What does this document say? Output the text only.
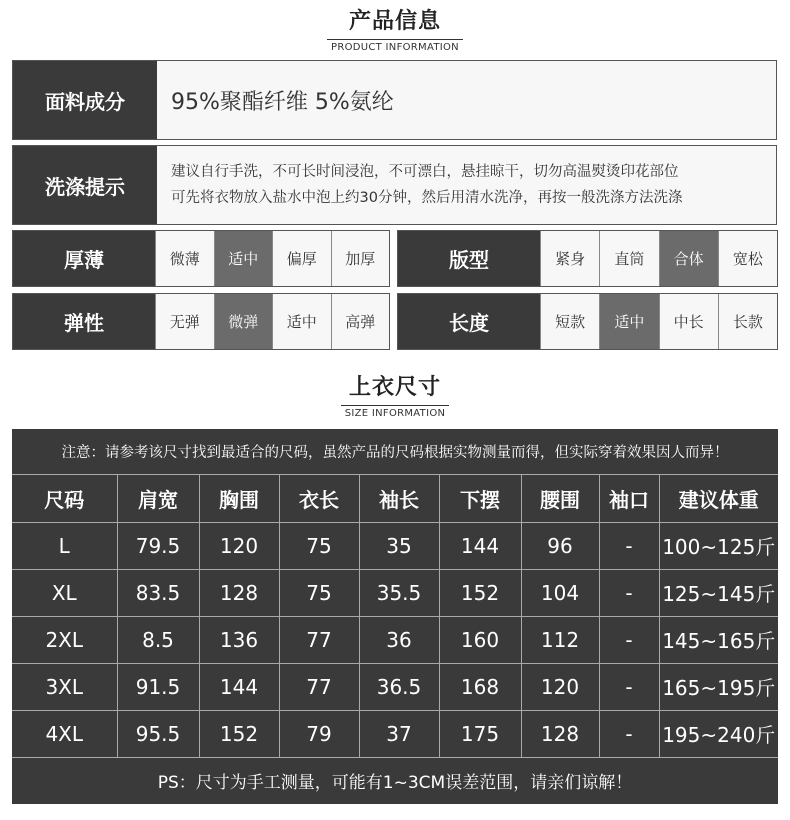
产品信息
PRODUCT INFORMATION
面料成分	95%聚酯纤维 5%氨纶
洗涤提示
建议自行手洗，不可长时间浸泡，不可漂白，悬挂晾干，切勿高温熨烫印花部位
可先将衣物放入盐水中泡上约30分钟，然后用清水洗净，再按一般洗涤方法洗涤
厚薄	微薄	适中	偏厚	加厚	版型	紧身	直筒	合体	宽松
弹性	无弹	微弹	适中	高弹	长度	短款	适中	中长	长款
上衣尺寸
SIZE INFORMATION
注意：请参考该尺寸找到最适合的尺码，虽然产品的尺码根据实物测量而得，但实际穿着效果因人而异！
尺码	肩宽	胸围	衣长	袖长	下摆	腰围	袖口	建议体重
L	79.5	120	75	35	144	96	-	100~125斤
XL	83.5	128	75	35.5	152	104	-	125~145斤
2XL	8.5	136	77	36	160	112	-	145~165斤
3XL	91.5	144	77	36.5	168	120	-	165~195斤
4XL	95.5	152	79	37	175	128	-	195~240斤
PS：尺寸为手工测量，可能有1~3CM误差范围，请亲们谅解！
